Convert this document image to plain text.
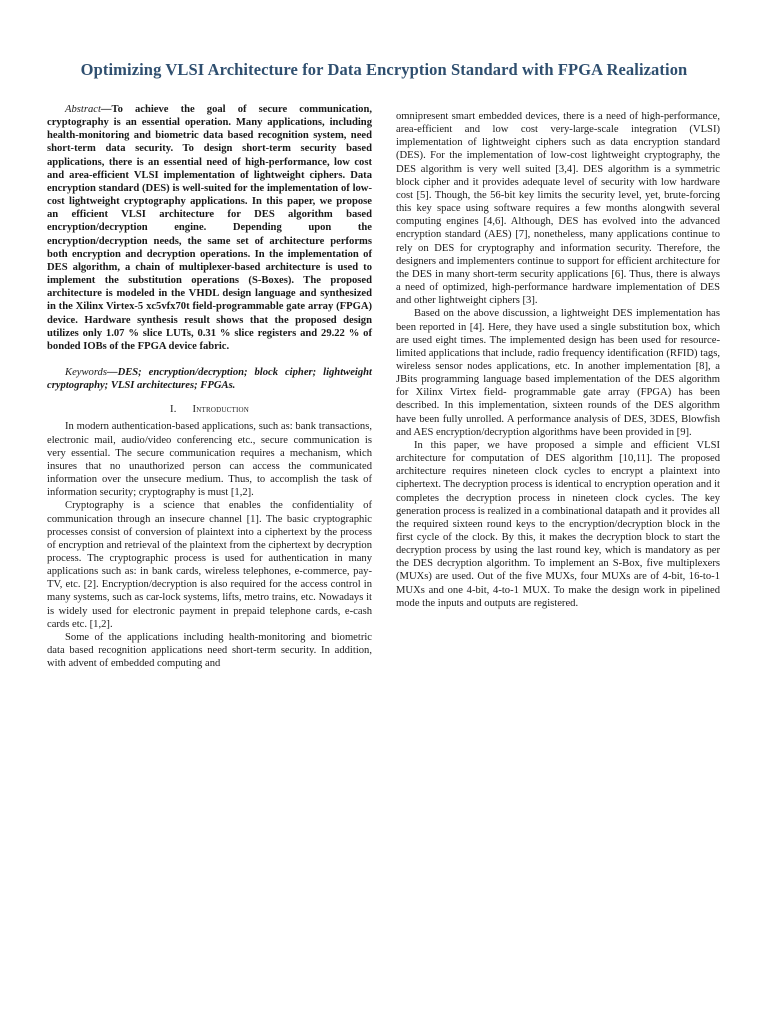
Optimizing VLSI Architecture for Data Encryption Standard with FPGA Realization

Abstract—To achieve the goal of secure communication, cryptography is an essential operation. Many applications, including health-monitoring and biometric data based recognition system, need short-term data security. To design short-term security based applications, there is an essential need of high-performance, low cost and area-efficient VLSI implementation of lightweight ciphers. Data encryption standard (DES) is well-suited for the implementation of low-cost lightweight cryptography applications. In this paper, we propose an efficient VLSI architecture for DES algorithm based encryption/decryption engine. Depending upon the encryption/decryption needs, the same set of architecture performs both encryption and decryption operations. In the implementation of DES algorithm, a chain of multiplexer-based architecture is used to implement the substitution operations (S-Boxes). The proposed architecture is modeled in the VHDL design language and synthesized in the Xilinx Virtex-5 xc5vfx70t field-programmable gate array (FPGA) device. Hardware synthesis result shows that the proposed design utilizes only 1.07 % slice LUTs, 0.31 % slice registers and 29.22 % of bonded IOBs of the FPGA device fabric.

Keywords—DES; encryption/decryption; block cipher; lightweight cryptography; VLSI architectures; FPGAs.

I. Introduction

In modern authentication-based applications, such as: bank transactions, electronic mail, audio/video conferencing etc., secure communication is very essential. The secure communication requires a mechanism, which insures that no unauthorized person can access the communicated information over the unsecure medium. Thus, to accomplish the task of information security; cryptography is must [1,2].

Cryptography is a science that enables the confidentiality of communication through an insecure channel [1]. The basic cryptographic processes consist of conversion of plaintext into a ciphertext by the process of encryption and retrieval of the plaintext from the ciphertext by decryption process. The cryptographic process is used for authentication in many applications such as: in bank cards, wireless telephones, e-commerce, pay-TV, etc. [2]. Encryption/decryption is also required for the access control in many systems, such as car-lock systems, lifts, metro trains, etc. Nowadays it is widely used for electronic payment in prepaid telephone cards, e-cash cards etc. [1,2].

Some of the applications including health-monitoring and biometric data based recognition applications need short-term security. In addition, with advent of embedded computing and

omnipresent smart embedded devices, there is a need of high-performance, area-efficient and low cost very-large-scale integration (VLSI) implementation of lightweight ciphers such as data encryption standard (DES). For the implementation of low-cost lightweight cryptography, the DES algorithm is very well suited [3,4]. DES algorithm is a symmetric block cipher and it provides adequate level of security with low hardware cost [5]. Though, the 56-bit key limits the security level, yet, brute-forcing this key space using software requires a few months alongwith several computing engines [4,6]. Although, DES has evolved into the advanced encryption standard (AES) [7], nonetheless, many applications continue to rely on DES for cryptography and information security. Therefore, the designers and implementers continue to support for efficient architecture for the DES in many short-term security applications [6]. Thus, there is always a need of optimized, high-performance hardware implementation of DES and other lightweight ciphers [3].

Based on the above discussion, a lightweight DES implementation has been reported in [4]. Here, they have used a single substitution box, which are used eight times. The implemented design has been used for resource-limited applications that include, radio frequency identification (RFID) tags, wireless sensor nodes applications, etc. In another implementation [8], a JBits programming language based implementation of the DES algorithm for Xilinx Virtex field- programmable gate array (FPGA) has been described. In this implementation, sixteen rounds of the DES algorithm have been fully unrolled. A performance analysis of DES, 3DES, Blowfish and AES encryption/decryption algorithms have been provided in [9].

In this paper, we have proposed a simple and efficient VLSI architecture for computation of DES algorithm [10,11]. The proposed architecture requires nineteen clock cycles to encrypt a plaintext into ciphertext. The decryption process is identical to encryption operation and it completes the decryption process in nineteen clock cycles. The key generation process is realized in a combinational datapath and it provides all the required sixteen round keys to the encryption/decryption block in the first cycle of the clock. By this, it makes the decryption block to start the decryption process by using the last round key, which is mandatory as per the DES decryption algorithm. To implement an S-Box, five multiplexers (MUXs) are used. Out of the five MUXs, four MUXs are of 4-bit, 16-to-1 MUXs and one 4-bit, 4-to-1 MUX. To make the design work in pipelined mode the inputs and outputs are registered.
